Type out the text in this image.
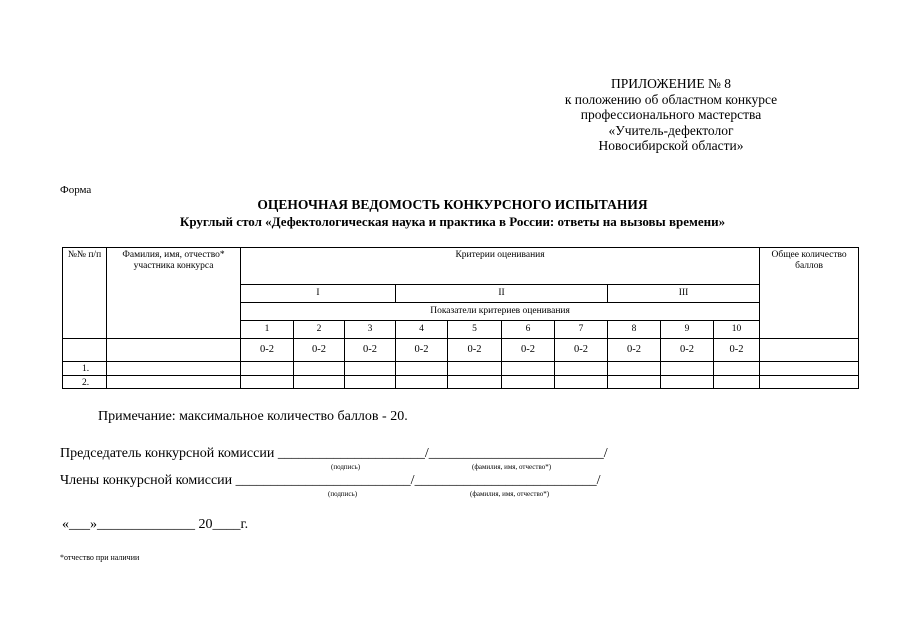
ПРИЛОЖЕНИЕ № 8
к положению об областном конкурсе
профессионального мастерства
«Учитель-дефектолог
Новосибирской области»
Форма
ОЦЕНОЧНАЯ ВЕДОМОСТЬ КОНКУРСНОГО ИСПЫТАНИЯ
Круглый стол «Дефектологическая наука и практика в России: ответы на вызовы времени»
№№ п/п	Фамилия, имя, отчество* участника конкурса	Критерии оценивания										Общее количество баллов
		I			II				III			
		Показатели критериев оценивания										
		1	2	3	4	5	6	7	8	9	10	
		0-2	0-2	0-2	0-2	0-2	0-2	0-2	0-2	0-2	0-2	
1.												
2.												
Примечание: максимальное количество баллов - 20.
Председатель конкурсной комиссии _____________________/_________________________/
(подпись)	(фамилия, имя, отчество*)
Члены конкурсной комиссии _________________________/__________________________/
(подпись)	(фамилия, имя, отчество*)
«___»______________ 20____г.
*отчество при наличии
